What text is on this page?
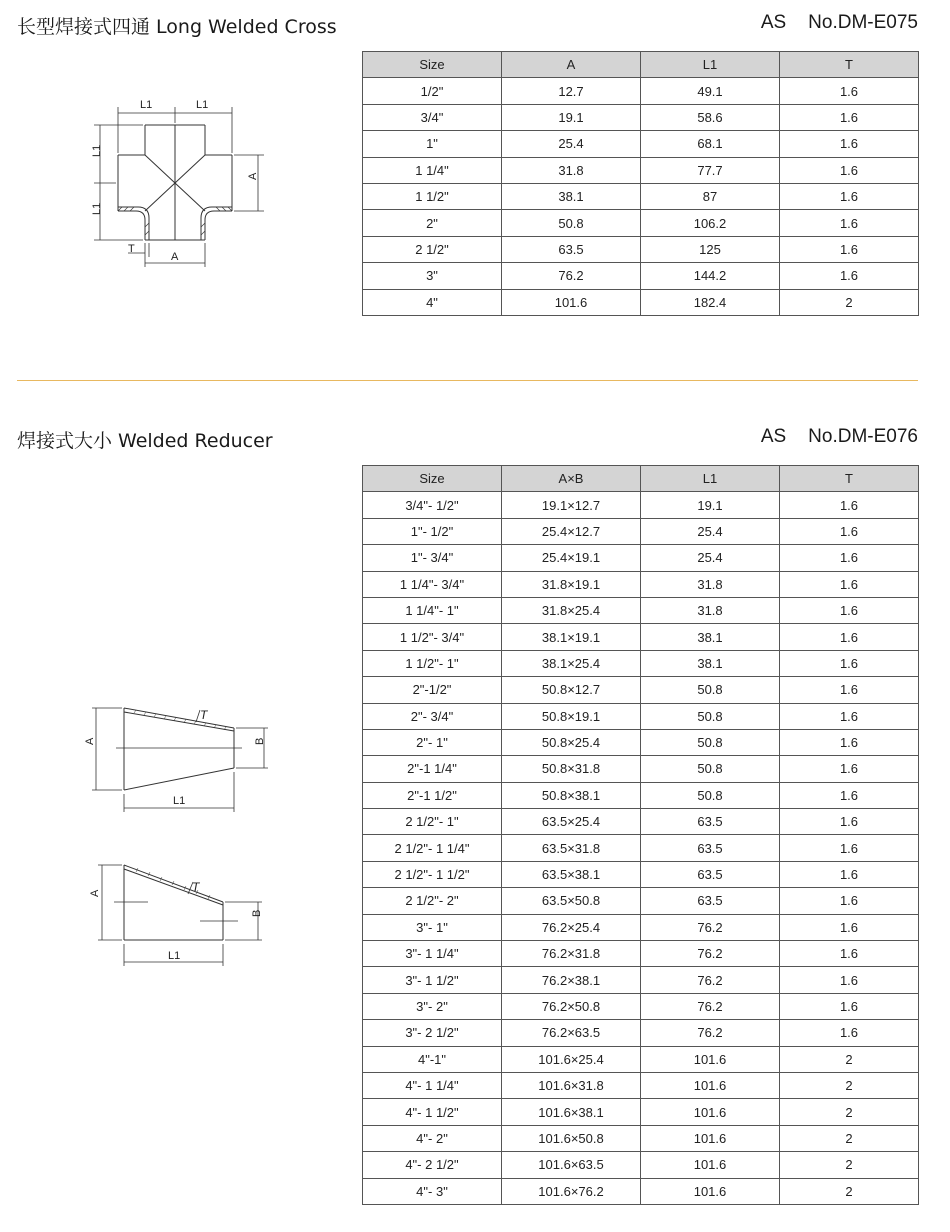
长型焊接式四通 Long Welded Cross	AS No.DM-E075
L1	L1
L1
L1
A
T
A
Size	A	L1	T
1/2"	12.7	49.1	1.6
3/4"	19.1	58.6	1.6
1"	25.4	68.1	1.6
1 1/4"	31.8	77.7	1.6
1 1/2"	38.1	87	1.6
2"	50.8	106.2	1.6
2 1/2"	63.5	125	1.6
3"	76.2	144.2	1.6
4"	101.6	182.4	2
焊接式大小 Welded Reducer	AS No.DM-E076
T
A	B
L1
T
A
B
L1
Size	A×B	L1	T
3/4"- 1/2"	19.1×12.7	19.1	1.6
1"- 1/2"	25.4×12.7	25.4	1.6
1"- 3/4"	25.4×19.1	25.4	1.6
1 1/4"- 3/4"	31.8×19.1	31.8	1.6
1 1/4"- 1"	31.8×25.4	31.8	1.6
1 1/2"- 3/4"	38.1×19.1	38.1	1.6
1 1/2"- 1"	38.1×25.4	38.1	1.6
2"-1/2"	50.8×12.7	50.8	1.6
2"- 3/4"	50.8×19.1	50.8	1.6
2"- 1"	50.8×25.4	50.8	1.6
2"-1 1/4"	50.8×31.8	50.8	1.6
2"-1 1/2"	50.8×38.1	50.8	1.6
2 1/2"- 1"	63.5×25.4	63.5	1.6
2 1/2"- 1 1/4"	63.5×31.8	63.5	1.6
2 1/2"- 1 1/2"	63.5×38.1	63.5	1.6
2 1/2"- 2"	63.5×50.8	63.5	1.6
3"- 1"	76.2×25.4	76.2	1.6
3"- 1 1/4"	76.2×31.8	76.2	1.6
3"- 1 1/2"	76.2×38.1	76.2	1.6
3"- 2"	76.2×50.8	76.2	1.6
3"- 2 1/2"	76.2×63.5	76.2	1.6
4"-1"	101.6×25.4	101.6	2
4"- 1 1/4"	101.6×31.8	101.6	2
4"- 1 1/2"	101.6×38.1	101.6	2
4"- 2"	101.6×50.8	101.6	2
4"- 2 1/2"	101.6×63.5	101.6	2
4"- 3"	101.6×76.2	101.6	2
